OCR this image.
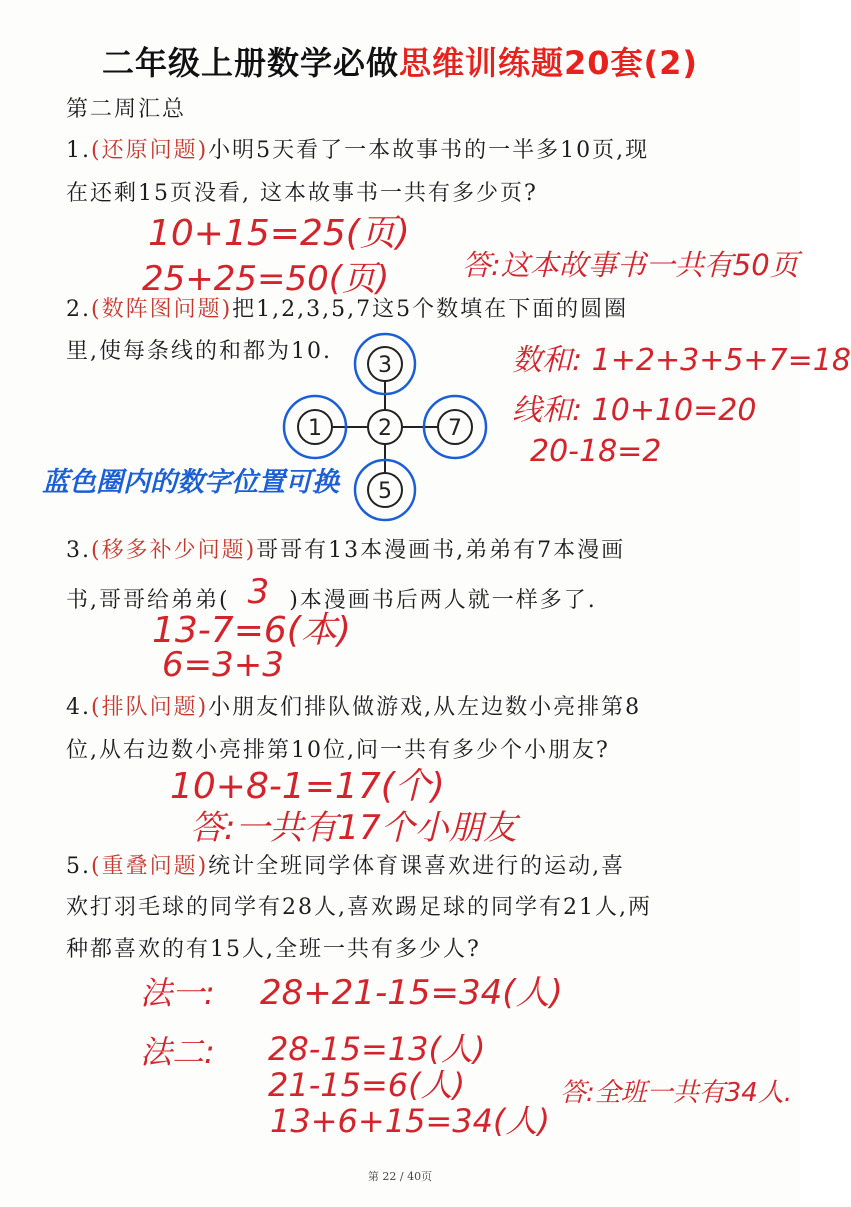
二年级上册数学必做思维训练题20套(2)
第二周汇总
1.(还原问题)小明5天看了一本故事书的一半多10页,现
在还剩15页没看, 这本故事书一共有多少页?
10+15=25(页)
25+25=50(页)	答:这本故事书一共有50页
2.(数阵图问题)把1,2,3,5,7这5个数填在下面的圆圈
里,使每条线的和都为10.
3
1	2	7
5
数和: 1+2+3+5+7=18
线和: 10+10=20
20-18=2
蓝色圈内的数字位置可换
3.(移多补少问题)哥哥有13本漫画书,弟弟有7本漫画
书,哥哥给弟弟( 3 )本漫画书后两人就一样多了.
13-7=6(本)
6=3+3
4.(排队问题)小朋友们排队做游戏,从左边数小亮排第8
位,从右边数小亮排第10位,问一共有多少个小朋友?
10+8-1=17(个)
答:一共有17个小朋友
5.(重叠问题)统计全班同学体育课喜欢进行的运动,喜
欢打羽毛球的同学有28人,喜欢踢足球的同学有21人,两
种都喜欢的有15人,全班一共有多少人?
法一: 28+21-15=34(人)
法二: 28-15=13(人)
21-15=6(人)
13+6+15=34(人)
答:全班一共有34人.
第 22 / 40页
